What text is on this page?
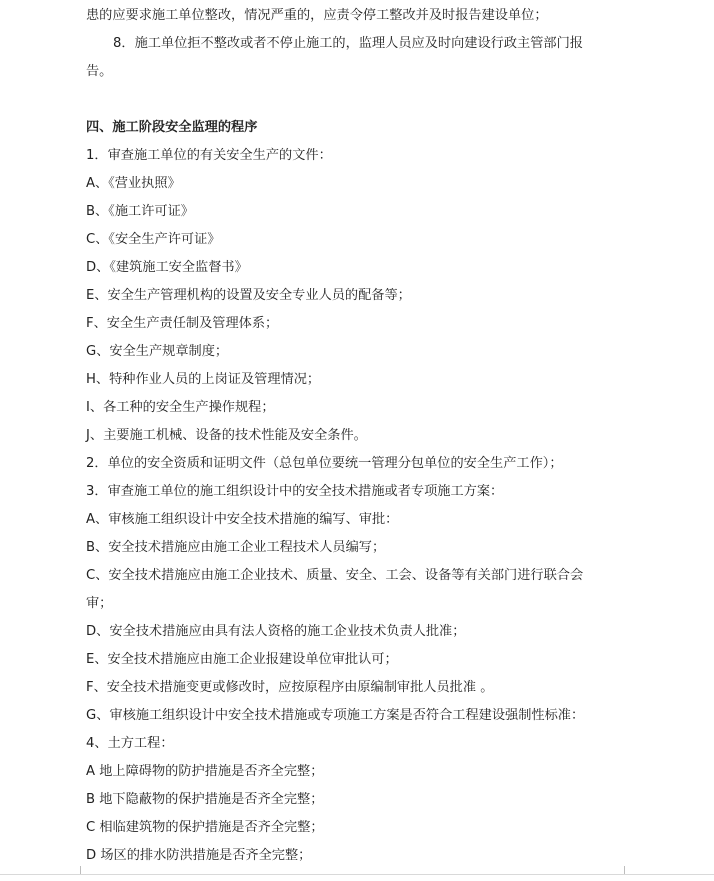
患的应要求施工单位整改，情况严重的，应责令停工整改并及时报告建设单位；
8．施工单位拒不整改或者不停止施工的，监理人员应及时向建设行政主管部门报
告。
四、施工阶段安全监理的程序
1．审查施工单位的有关安全生产的文件：
A、《营业执照》
B、《施工许可证》
C、《安全生产许可证》
D、《建筑施工安全监督书》
E、安全生产管理机构的设置及安全专业人员的配备等；
F、安全生产责任制及管理体系；
G、安全生产规章制度；
H、特种作业人员的上岗证及管理情况；
I、各工种的安全生产操作规程；
J、主要施工机械、设备的技术性能及安全条件。
2．单位的安全资质和证明文件（总包单位要统一管理分包单位的安全生产工作）；
3．审查施工单位的施工组织设计中的安全技术措施或者专项施工方案：
A、审核施工组织设计中安全技术措施的编写、审批：
B、安全技术措施应由施工企业工程技术人员编写；
C、安全技术措施应由施工企业技术、质量、安全、工会、设备等有关部门进行联合会
审；
D、安全技术措施应由具有法人资格的施工企业技术负责人批准；
E、安全技术措施应由施工企业报建设单位审批认可；
F、安全技术措施变更或修改时，应按原程序由原编制审批人员批准 。
G、审核施工组织设计中安全技术措施或专项施工方案是否符合工程建设强制性标准：
4、土方工程：
A 地上障碍物的防护措施是否齐全完整；
B 地下隐蔽物的保护措施是否齐全完整；
C 相临建筑物的保护措施是否齐全完整；
D 场区的排水防洪措施是否齐全完整；
